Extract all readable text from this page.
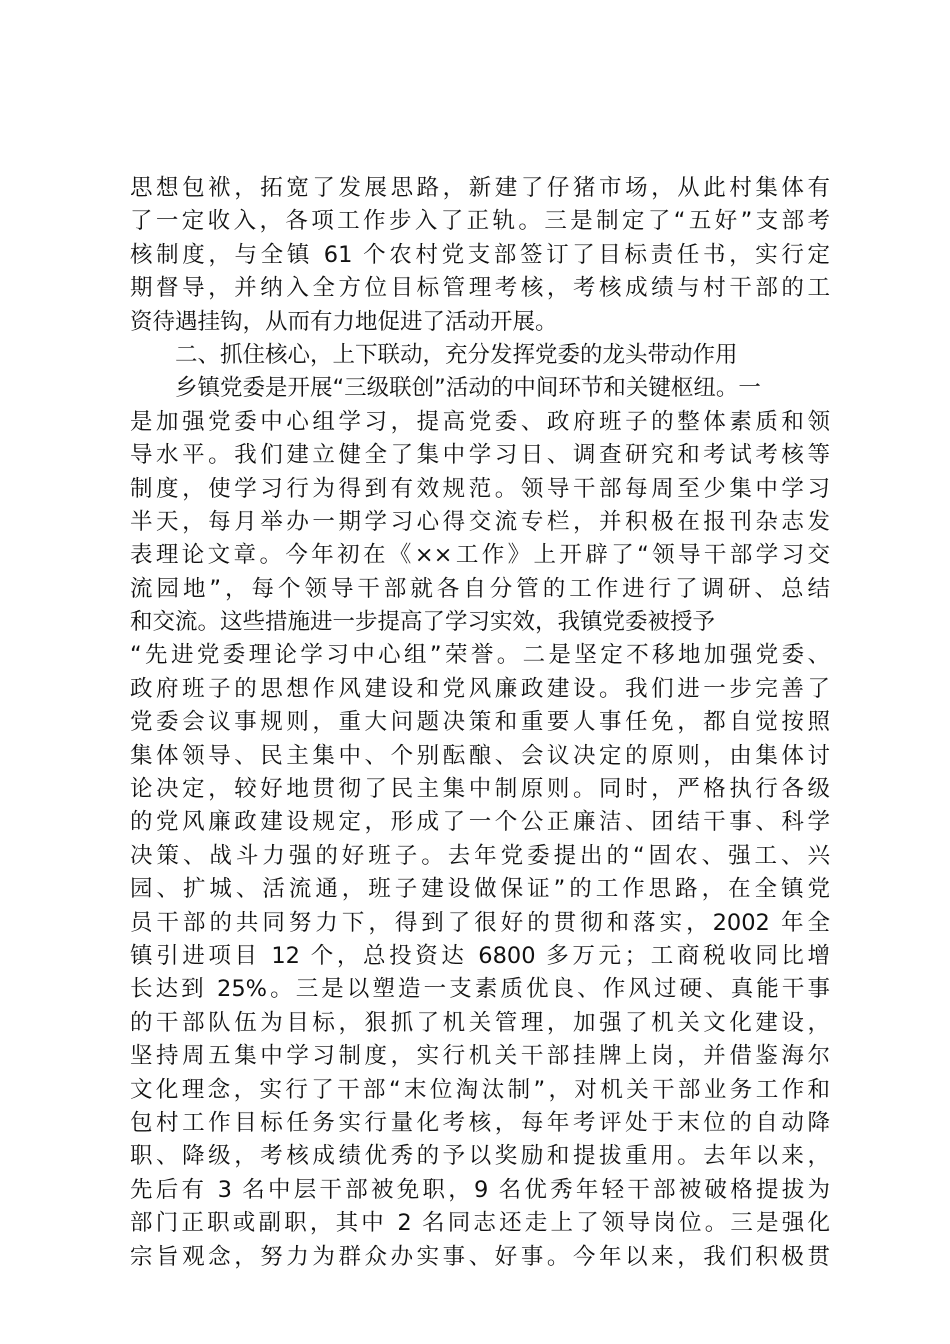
思想包袱，拓宽了发展思路，新建了仔猪市场，从此村集体有
了一定收入，各项工作步入了正轨。三是制定了“五好”支部考
核制度，与全镇 61 个农村党支部签订了目标责任书，实行定
期督导，并纳入全方位目标管理考核，考核成绩与村干部的工
资待遇挂钩，从而有力地促进了活动开展。
二、抓住核心，上下联动，充分发挥党委的龙头带动作用
乡镇党委是开展“三级联创”活动的中间环节和关键枢纽。一
是加强党委中心组学习，提高党委、政府班子的整体素质和领
导水平。我们建立健全了集中学习日、调查研究和考试考核等
制度，使学习行为得到有效规范。领导干部每周至少集中学习
半天，每月举办一期学习心得交流专栏，并积极在报刊杂志发
表理论文章。今年初在《××工作》上开辟了“领导干部学习交
流园地”，每个领导干部就各自分管的工作进行了调研、总结
和交流。这些措施进一步提高了学习实效，我镇党委被授予
“先进党委理论学习中心组”荣誉。二是坚定不移地加强党委、
政府班子的思想作风建设和党风廉政建设。我们进一步完善了
党委会议事规则，重大问题决策和重要人事任免，都自觉按照
集体领导、民主集中、个别酝酿、会议决定的原则，由集体讨
论决定，较好地贯彻了民主集中制原则。同时，严格执行各级
的党风廉政建设规定，形成了一个公正廉洁、团结干事、科学
决策、战斗力强的好班子。去年党委提出的“固农、强工、兴
园、扩城、活流通，班子建设做保证”的工作思路，在全镇党
员干部的共同努力下，得到了很好的贯彻和落实，2002 年全
镇引进项目 12 个，总投资达 6800 多万元；工商税收同比增
长达到 25%。三是以塑造一支素质优良、作风过硬、真能干事
的干部队伍为目标，狠抓了机关管理，加强了机关文化建设，
坚持周五集中学习制度，实行机关干部挂牌上岗，并借鉴海尔
文化理念，实行了干部“末位淘汰制”，对机关干部业务工作和
包村工作目标任务实行量化考核，每年考评处于末位的自动降
职、降级，考核成绩优秀的予以奖励和提拔重用。去年以来，
先后有 3 名中层干部被免职，9 名优秀年轻干部被破格提拔为
部门正职或副职，其中 2 名同志还走上了领导岗位。三是强化
宗旨观念，努力为群众办实事、好事。今年以来，我们积极贯
